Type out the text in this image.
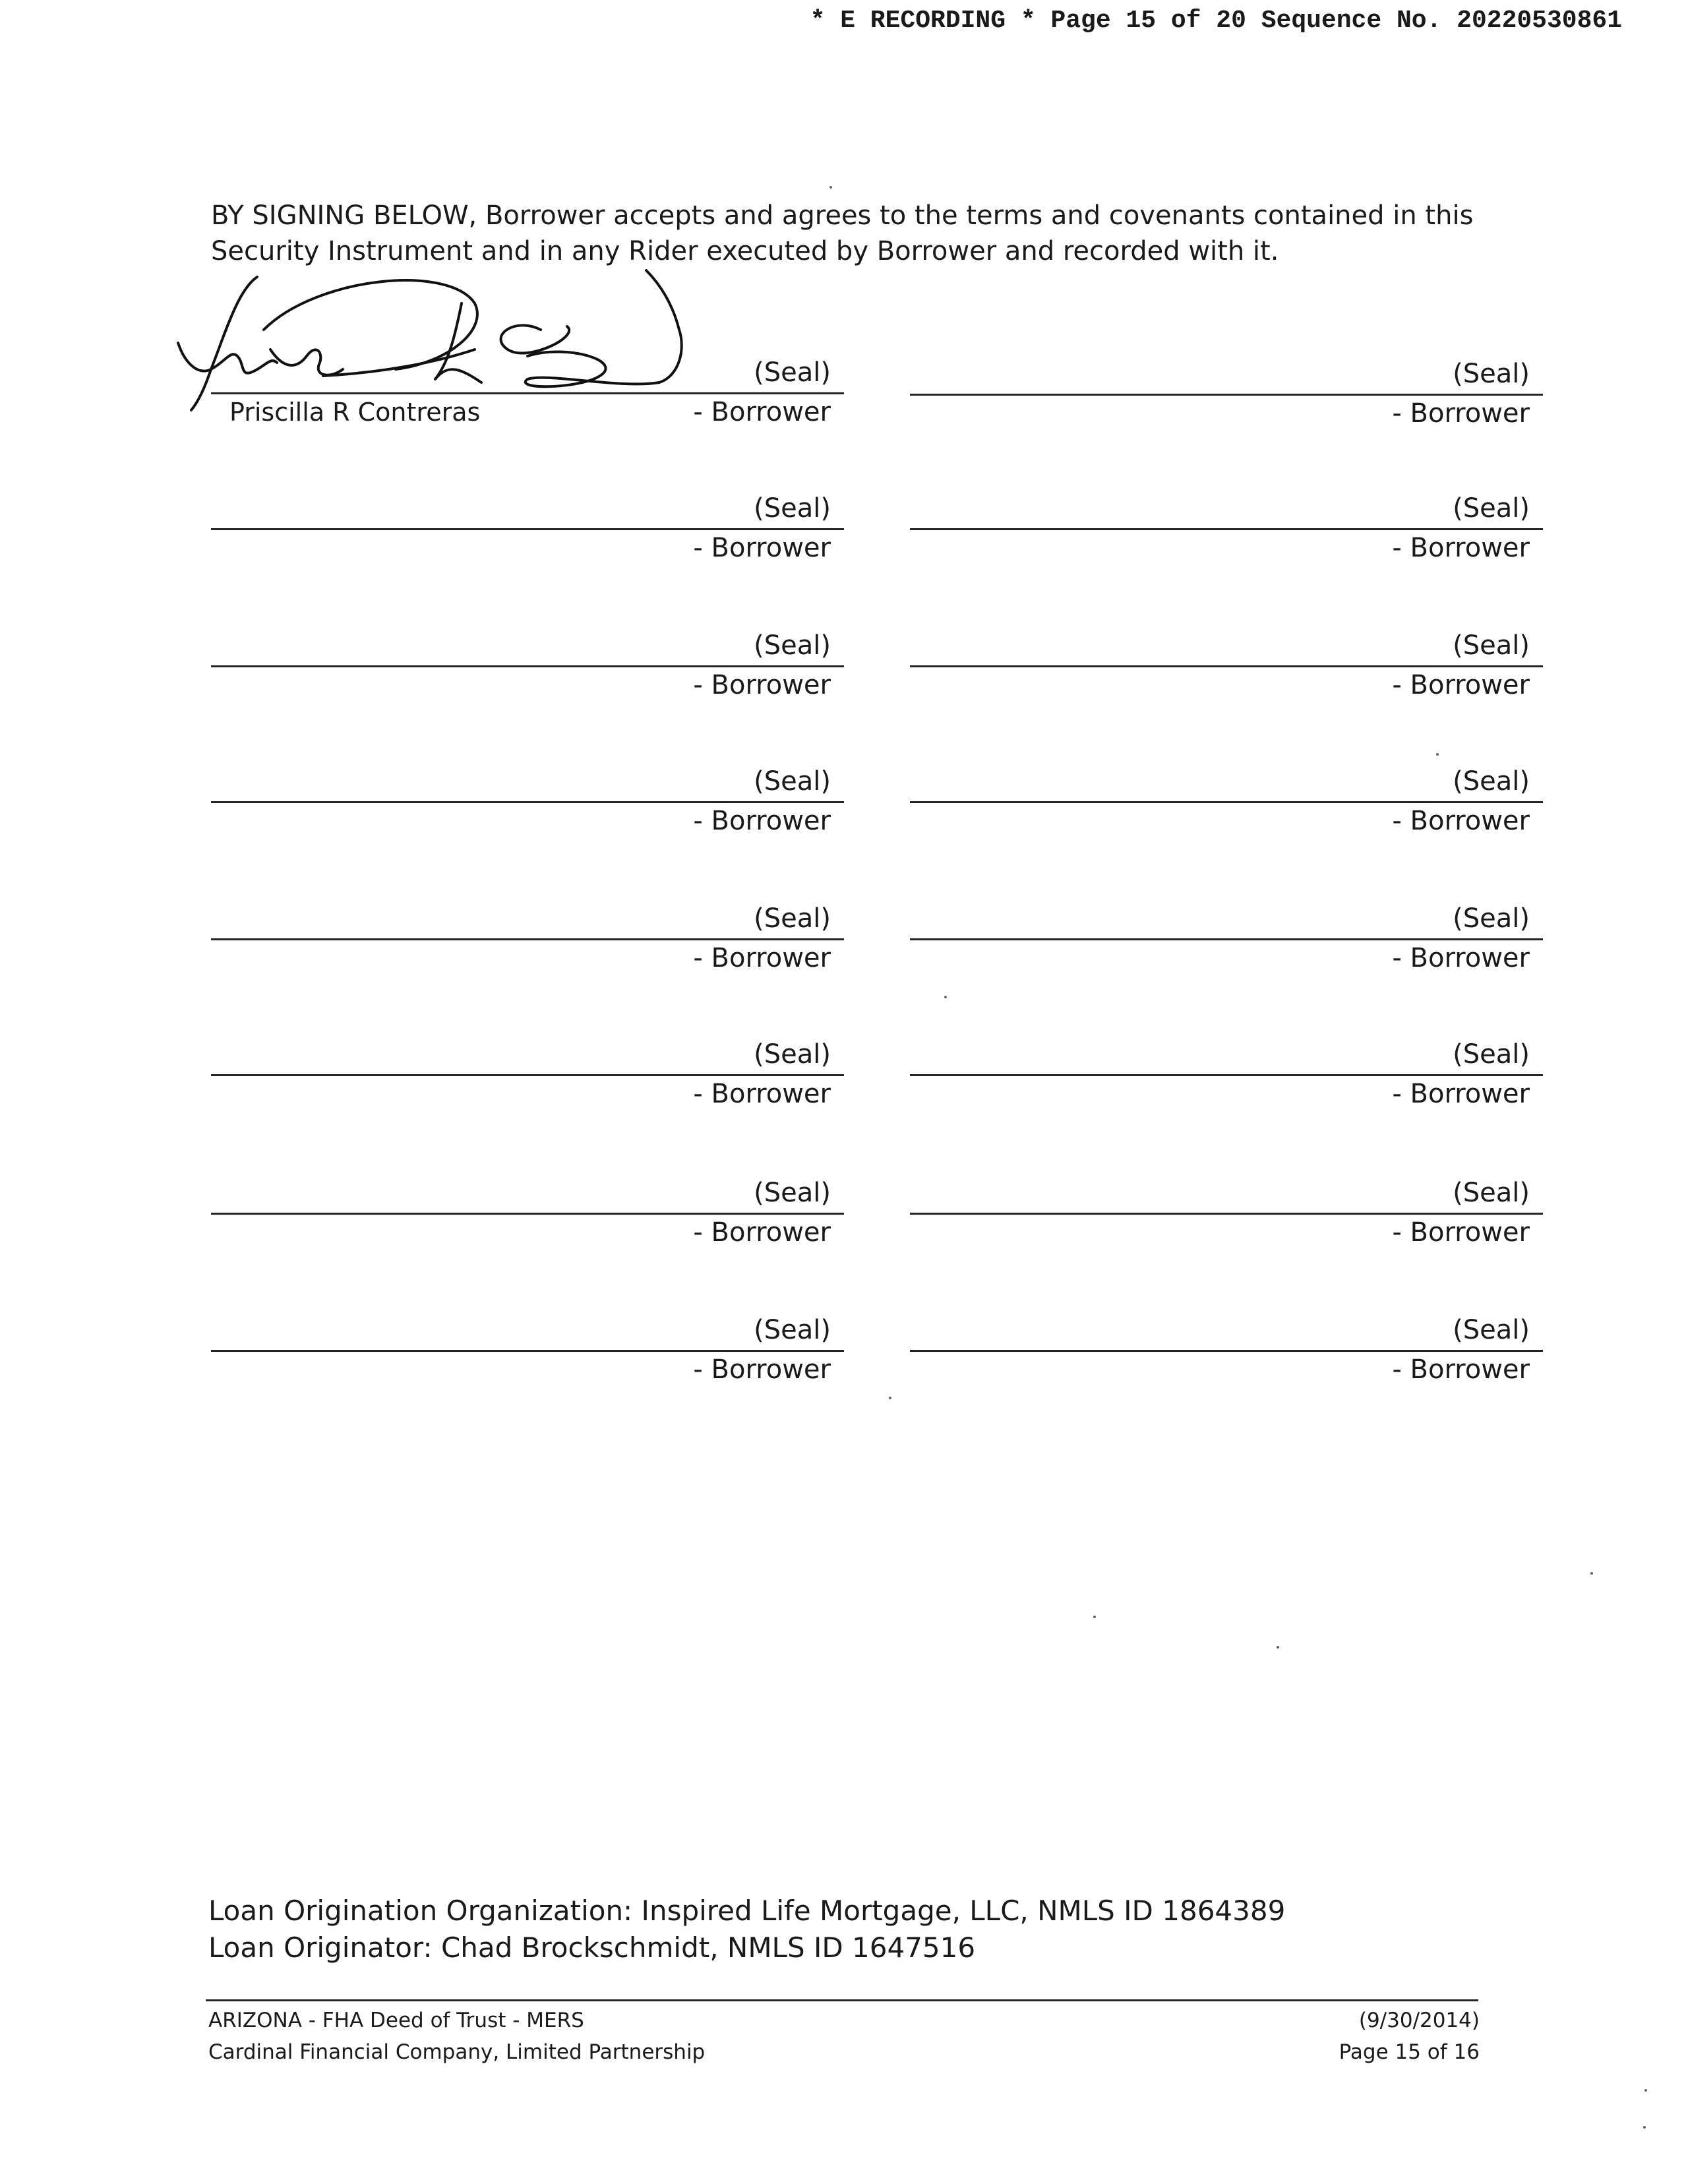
* E RECORDING * Page 15 of 20 Sequence No. 20220530861
BY SIGNING BELOW, Borrower accepts and agrees to the terms and covenants contained in this Security Instrument and in any Rider executed by Borrower and recorded with it.
(Seal)
Priscilla R Contreras	- Borrower
(Seal)
- Borrower
(Seal)
- Borrower
(Seal)
- Borrower
(Seal)
- Borrower
(Seal)
- Borrower
(Seal)
- Borrower
(Seal)
- Borrower
(Seal)
- Borrower
(Seal)
- Borrower
(Seal)
- Borrower
(Seal)
- Borrower
(Seal)
- Borrower
(Seal)
- Borrower
(Seal)
- Borrower
(Seal)
- Borrower
Loan Origination Organization: Inspired Life Mortgage, LLC, NMLS ID 1864389
Loan Originator: Chad Brockschmidt, NMLS ID 1647516
ARIZONA - FHA Deed of Trust - MERS
Cardinal Financial Company, Limited Partnership
(9/30/2014)
Page 15 of 16
